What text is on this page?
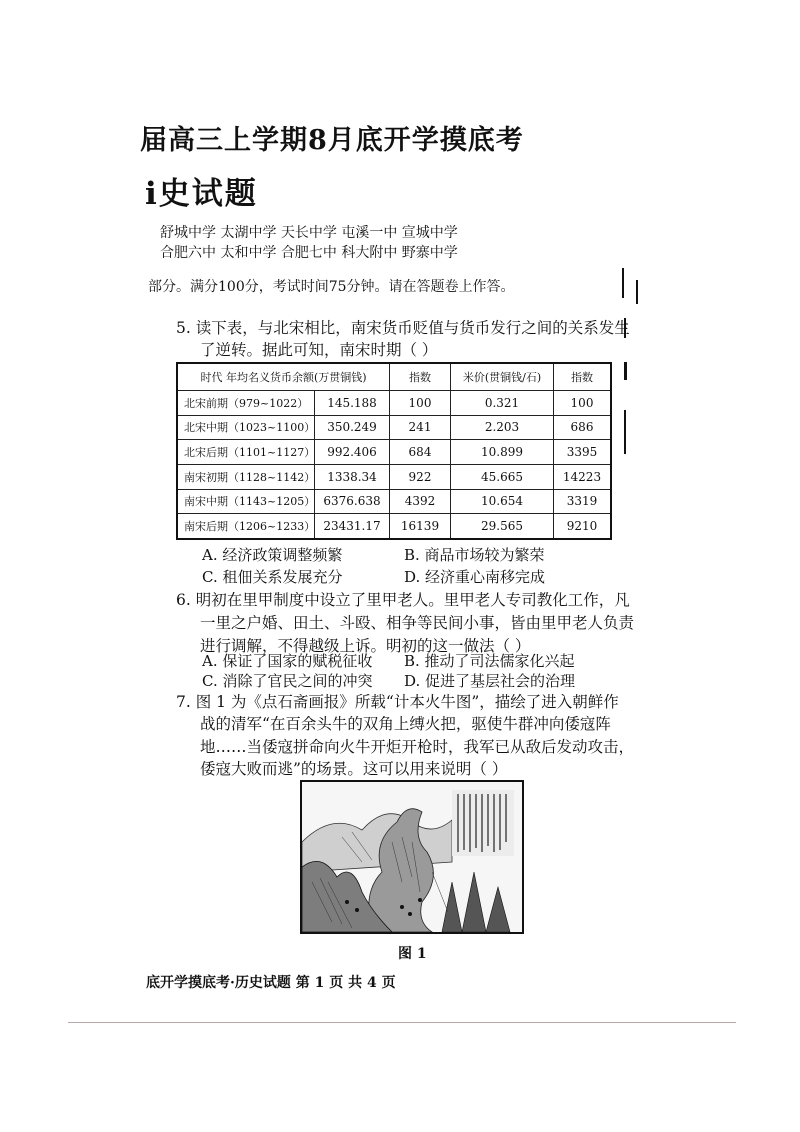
届高三上学期8月底开学摸底考
i史试题
舒城中学 太湖中学 天长中学 屯溪一中 宣城中学
合肥六中 太和中学 合肥七中 科大附中 野寨中学
部分。满分100分，考试时间75分钟。请在答题卷上作答。
5. 读下表，与北宋相比，南宋货币贬值与货币发行之间的关系发生
了逆转。据此可知，南宋时期（ ）
时代 年均名义货币余额(万贯铜钱)		指数	米价(贯铜钱/石)	指数
北宋前期（979~1022）	145.188	100	0.321	100
北宋中期（1023~1100）	350.249	241	2.203	686
北宋后期（1101~1127）	992.406	684	10.899	3395
南宋初期（1128~1142）	1338.34	922	45.665	14223
南宋中期（1143~1205）	6376.638	4392	10.654	3319
南宋后期（1206~1233）	23431.17	16139	29.565	9210
A. 经济政策调整频繁	B. 商品市场较为繁荣
C. 租佃关系发展充分	D. 经济重心南移完成
6. 明初在里甲制度中设立了里甲老人。里甲老人专司教化工作，凡
一里之户婚、田土、斗殴、相争等民间小事，皆由里甲老人负责
进行调解，不得越级上诉。明初的这一做法（ ）
A. 保证了国家的赋税征收 B. 推动了司法儒家化兴起
C. 消除了官民之间的冲突 D. 促进了基层社会的治理
7. 图 1 为《点石斋画报》所载“计本火牛图”，描绘了进入朝鲜作
战的清军“在百余头牛的双角上缚火把，驱使牛群冲向倭寇阵
地……当倭寇拼命向火牛开炬开枪时，我军已从敌后发动攻击，
倭寇大败而逃”的场景。这可以用来说明（ ）
图 1
底开学摸底考·历史试题 第 1 页 共 4 页
